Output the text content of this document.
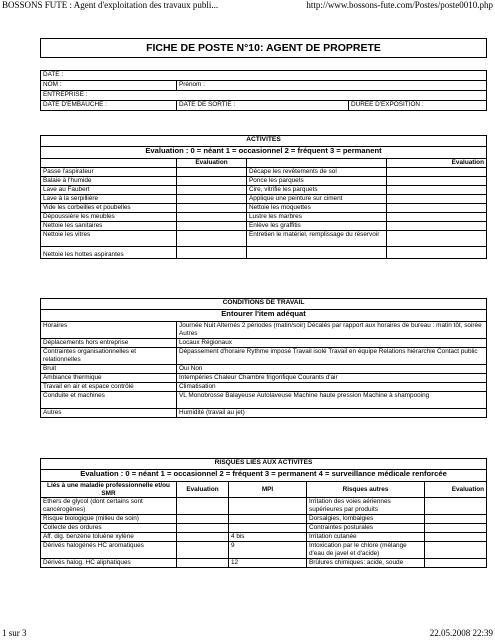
BOSSONS FUTE : Agent d'exploitation des travaux publi...	http://www.bossons-fute.com/Postes/poste0010.php
FICHE DE POSTE N°10: AGENT DE PROPRETE
DATE :		
NOM :	Prénom :	
ENTREPRISE :		
DATE D'EMBAUCHE :	DATE DE SORTIE :	DUREE D'EXPOSITION :
ACTIVITES			
Evaluation : 0 = néant 1 = occasionnel 2 = fréquent 3 = permanent			
	Evaluation		Evaluation
Passe l'aspirateur		Décape les revêtements de sol	
Balaie à l'humide		Ponce les parquets	
Lave au Faubert		Cire, vitrifie les parquets	
Lave à la serpillière		Applique une peinture sur ciment	
Vide les corbeilles et poubelles		Nettoie les moquettes	
Dépoussière les meubles		Lustre les marbres	
Nettoie les sanitaires		Enlève les graffitis	
Nettoie les vitres		Entretien le matériel, remplissage du réservoir	
Nettoie les hottes aspirantes			
CONDITIONS DE TRAVAIL	
Entourer l'item adéquat	
Horaires	Journée Nuit Alternés 2 périodes (matin/soir) Décalés par rapport aux horaires de bureau : matin tôt, soirée Autres
Déplacements hors entreprise	Locaux Régionaux
Contraintes organisationnelles et relationnelles	Dépassement d'horaire Rythme imposé Travail isolé Travail en équipe Relations hiérarchie Contact public
Bruit	Oui Non
Ambiance thermique	Intempéries Chaleur Chambre frigorifique Courants d'air
Travail en air et espace contrôlé	Climatisation
Conduite et machines	VL Monobrosse Balayeuse Autolaveuse Machine haute pression Machine à shampooing
Autres	Humidité (travail au jet)
RISQUES LIES AUX ACTIVITES				
Evaluation : 0 = néant 1 = occasionnel 2 = fréquent 3 = permanent 4 = surveillance médicale renforcée				
Liés à une maladie professionnelle et/ou SMR	Evaluation	MPI	Risques autres	Evaluation
Ethers de glycol (dont certains sont cancérogènes)			Irritation des voies aériennes supérieures par produits	
Risque biologique (milieu de soin)			Dorsalgies, lombalgies	
Collecte des ordures			Contraintes posturales	
Aff. dig. benzène toluène xylène		4 bis	Irritation cutanée	
Dérivés halogénés HC aromatiques		9	Intoxication par le chlore (mélange d'eau de javel et d'acide)	
Dérivés halog. HC aliphatiques		12	Brûlures chimiques: acide, soude	
1 sur 3	22.05.2008 22:39
